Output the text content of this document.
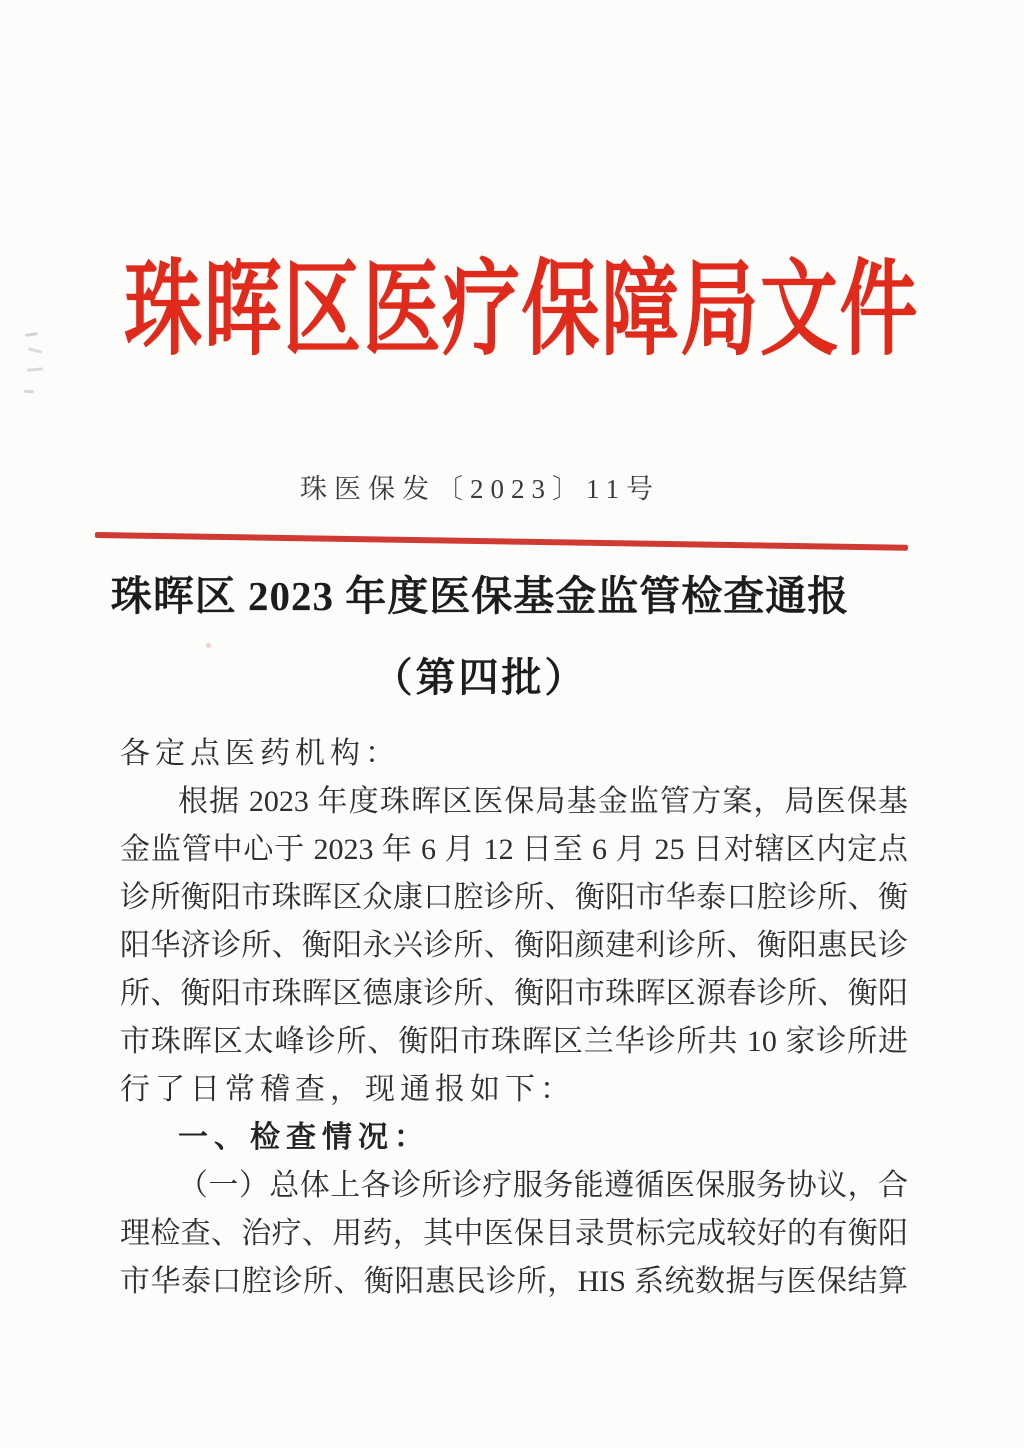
珠晖区医疗保障局文件
珠医保发〔2023〕11号
珠晖区 2023 年度医保基金监管检查通报
（第四批）
各定点医药机构：
根据 2023 年度珠晖区医保局基金监管方案，局医保基
金监管中心于 2023 年 6 月 12 日至 6 月 25 日对辖区内定点
诊所衡阳市珠晖区众康口腔诊所、衡阳市华泰口腔诊所、衡
阳华济诊所、衡阳永兴诊所、衡阳颜建利诊所、衡阳惠民诊
所、衡阳市珠晖区德康诊所、衡阳市珠晖区源春诊所、衡阳
市珠晖区太峰诊所、衡阳市珠晖区兰华诊所共 10 家诊所进
行了日常稽查，现通报如下：
一、检查情况：
（一）总体上各诊所诊疗服务能遵循医保服务协议，合
理检查、治疗、用药，其中医保目录贯标完成较好的有衡阳
市华泰口腔诊所、衡阳惠民诊所，HIS 系统数据与医保结算
